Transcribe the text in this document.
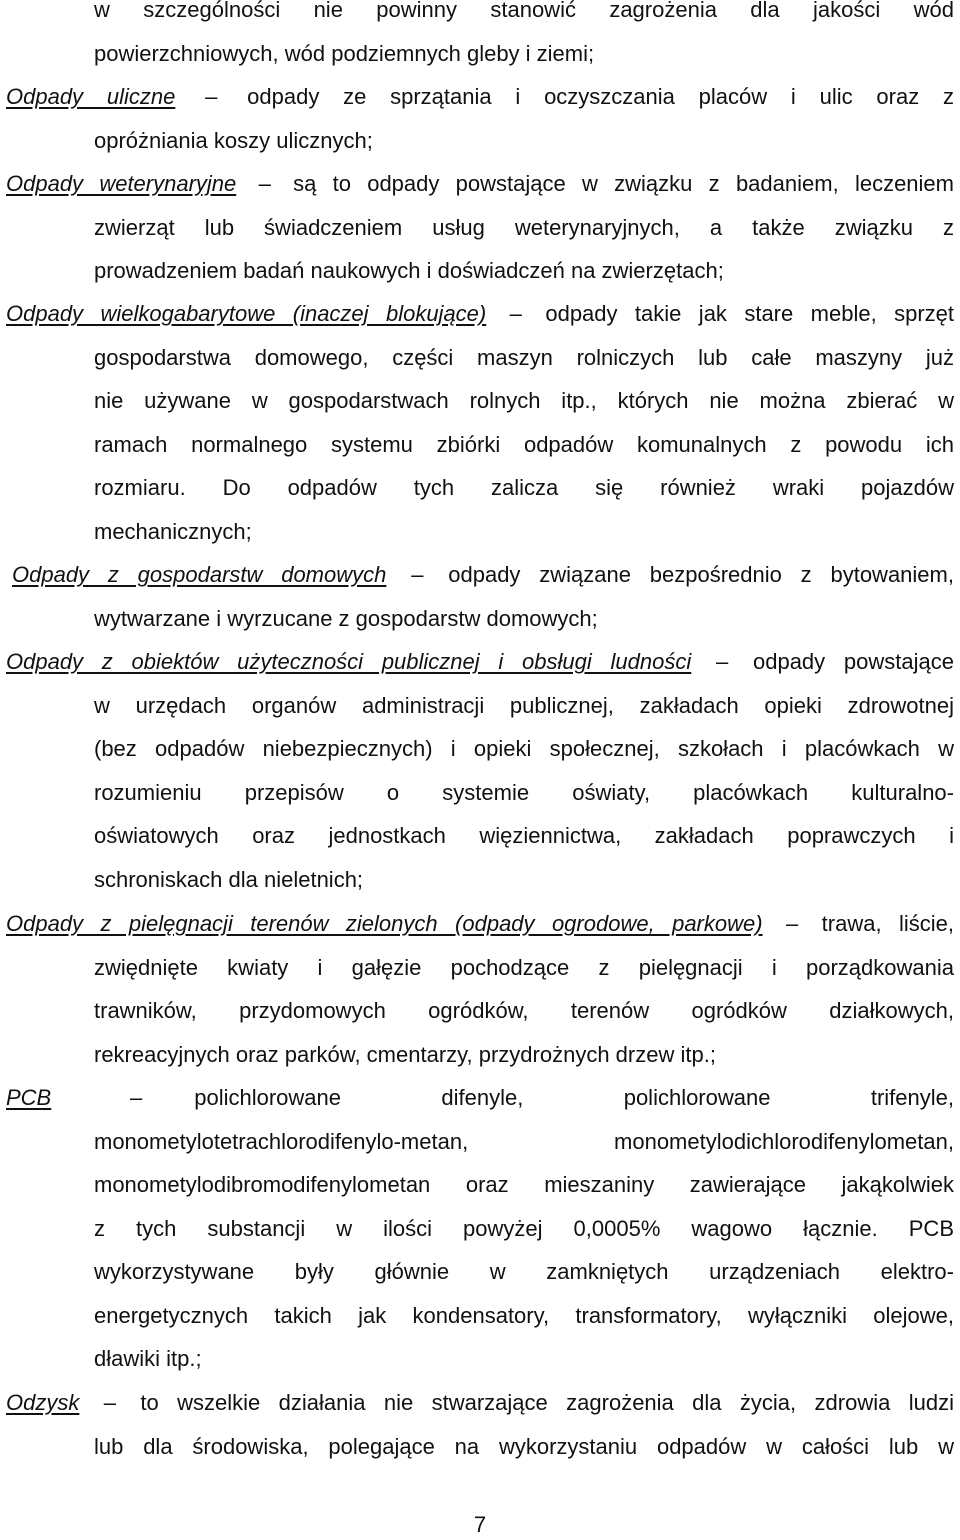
w szczególności nie powinny stanowić zagrożenia dla jakości wód
powierzchniowych, wód podziemnych gleby i ziemi;
Odpady uliczne – odpady ze sprzątania i oczyszczania placów i ulic oraz z
opróżniania koszy ulicznych;
Odpady weterynaryjne – są to odpady powstające w związku z badaniem, leczeniem
zwierząt lub świadczeniem usług weterynaryjnych, a także związku z
prowadzeniem badań naukowych i doświadczeń na zwierzętach;
Odpady wielkogabarytowe (inaczej blokujące) – odpady takie jak stare meble, sprzęt
gospodarstwa domowego, części maszyn rolniczych lub całe maszyny już
nie używane w gospodarstwach rolnych itp., których nie można zbierać w
ramach normalnego systemu zbiórki odpadów komunalnych z powodu ich
rozmiaru. Do odpadów tych zalicza się również wraki pojazdów
mechanicznych;
Odpady z gospodarstw domowych – odpady związane bezpośrednio z bytowaniem,
wytwarzane i wyrzucane z gospodarstw domowych;
Odpady z obiektów użyteczności publicznej i obsługi ludności – odpady powstające
w urzędach organów administracji publicznej, zakładach opieki zdrowotnej
(bez odpadów niebezpiecznych) i opieki społecznej, szkołach i placówkach w
rozumieniu przepisów o systemie oświaty, placówkach kulturalno-
oświatowych oraz jednostkach więziennictwa, zakładach poprawczych i
schroniskach dla nieletnich;
Odpady z pielęgnacji terenów zielonych (odpady ogrodowe, parkowe) – trawa, liście,
zwiędnięte kwiaty i gałęzie pochodzące z pielęgnacji i porządkowania
trawników, przydomowych ogródków, terenów ogródków działkowych,
rekreacyjnych oraz parków, cmentarzy, przydrożnych drzew itp.;
PCB	– polichlorowane difenyle, polichlorowane trifenyle,
monometylotetrachlorodifenylo-metan, monometylodichlorodifenylometan,
monometylodibromodifenylometan oraz mieszaniny zawierające jakąkolwiek
z tych substancji w ilości powyżej 0,0005% wagowo łącznie. PCB
wykorzystywane były głównie w zamkniętych urządzeniach elektro-
energetycznych takich jak kondensatory, transformatory, wyłączniki olejowe,
dławiki itp.;
Odzysk – to wszelkie działania nie stwarzające zagrożenia dla życia, zdrowia ludzi
lub dla środowiska, polegające na wykorzystaniu odpadów w całości lub w
7
